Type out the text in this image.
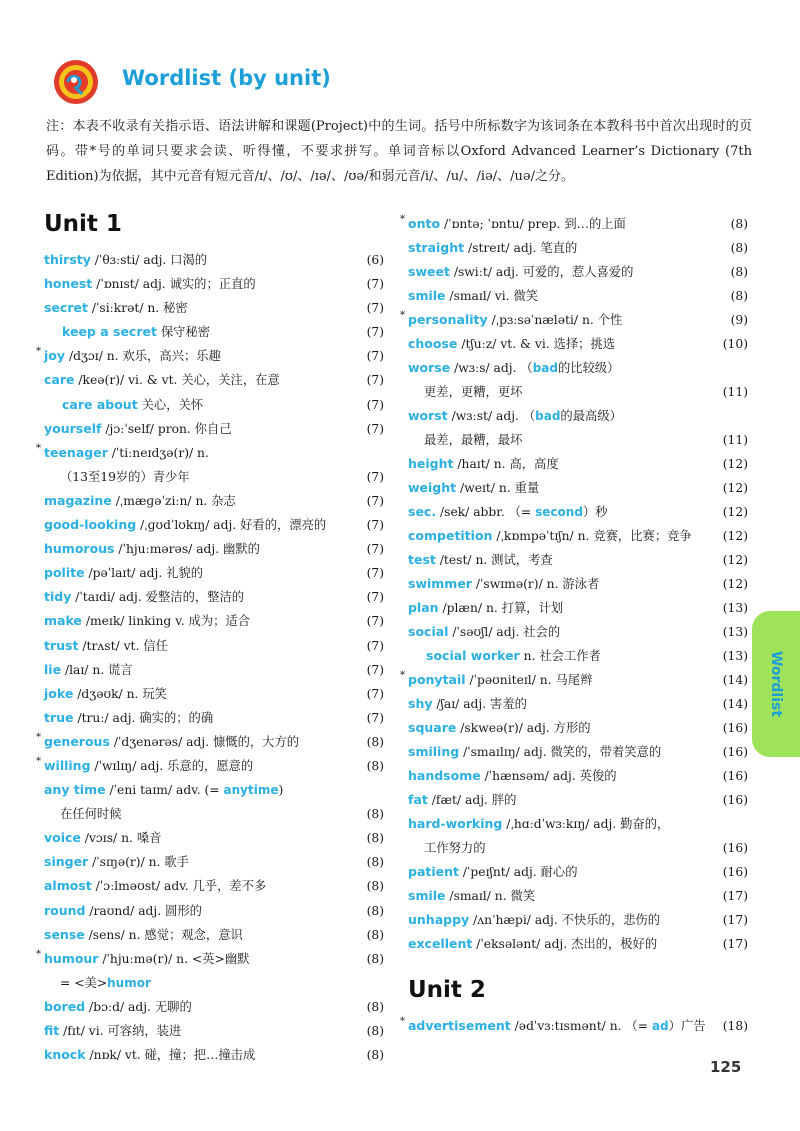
Wordlist (by unit)
注：本表不收录有关指示语、语法讲解和课题(Project)中的生词。括号中所标数字为该词条在本教科书中首次出现时的页码。带*号的单词只要求会读、听得懂，不要求拼写。单词音标以Oxford Advanced Learner’s Dictionary (7th Edition)为依据，其中元音有短元音/ɪ/、/ʊ/、/ɪə/、/ʊə/和弱元音/i/、/u/、/iə/、/uə/之分。
Unit 1
thirsty /ˈθɜːsti/ adj. 口渴的	(6)
honest /ˈɒnɪst/ adj. 诚实的；正直的	(7)
secret /ˈsiːkrət/ n. 秘密	(7)
keep a secret 保守秘密	(7)
* joy /dʒɔɪ/ n. 欢乐，高兴；乐趣	(7)
care /keə(r)/ vi. & vt. 关心，关注，在意	(7)
care about 关心，关怀	(7)
yourself /jɔːˈself/ pron. 你自己	(7)
* teenager /ˈtiːneɪdʒə(r)/ n.
（13至19岁的）青少年	(7)
magazine /ˌmæɡəˈziːn/ n. 杂志	(7)
good-looking /ˌɡʊdˈlʊkɪŋ/ adj. 好看的，漂亮的	(7)
humorous /ˈhjuːmərəs/ adj. 幽默的	(7)
polite /pəˈlaɪt/ adj. 礼貌的	(7)
tidy /ˈtaɪdi/ adj. 爱整洁的，整洁的	(7)
make /meɪk/ linking v. 成为；适合	(7)
trust /trʌst/ vt. 信任	(7)
lie /laɪ/ n. 谎言	(7)
joke /dʒəʊk/ n. 玩笑	(7)
true /truː/ adj. 确实的；的确	(7)
* generous /ˈdʒenərəs/ adj. 慷慨的，大方的	(8)
* willing /ˈwɪlɪŋ/ adj. 乐意的，愿意的	(8)
any time /ˈeni taɪm/ adv. (= anytime)
在任何时候	(8)
voice /vɔɪs/ n. 嗓音	(8)
singer /ˈsɪŋə(r)/ n. 歌手	(8)
almost /ˈɔːlməʊst/ adv. 几乎，差不多	(8)
round /raʊnd/ adj. 圆形的	(8)
sense /sens/ n. 感觉；观念，意识	(8)
* humour /ˈhjuːmə(r)/ n. <英>幽默	(8)
= <美>humor
bored /bɔːd/ adj. 无聊的	(8)
fit /fɪt/ vi. 可容纳，装进	(8)
knock /nɒk/ vt. 碰，撞；把…撞击成	(8)
* onto /ˈɒntə; ˈɒntu/ prep. 到…的上面	(8)
straight /streɪt/ adj. 笔直的	(8)
sweet /swiːt/ adj. 可爱的，惹人喜爱的	(8)
smile /smaɪl/ vi. 微笑	(8)
* personality /ˌpɜːsəˈnæləti/ n. 个性	(9)
choose /tʃuːz/ vt. & vi. 选择；挑选	(10)
worse /wɜːs/ adj. （bad的比较级）
更差，更糟，更坏	(11)
worst /wɜːst/ adj. （bad的最高级）
最差，最糟，最坏	(11)
height /haɪt/ n. 高，高度	(12)
weight /weɪt/ n. 重量	(12)
sec. /sek/ abbr. （= second）秒	(12)
competition /ˌkɒmpəˈtɪʃn/ n. 竞赛，比赛；竞争	(12)
test /test/ n. 测试，考查	(12)
swimmer /ˈswɪmə(r)/ n. 游泳者	(12)
plan /plæn/ n. 打算，计划	(13)
social /ˈsəʊʃl/ adj. 社会的	(13)
social worker n. 社会工作者	(13)
* ponytail /ˈpəʊniteɪl/ n. 马尾辫	(14)
shy /ʃaɪ/ adj. 害羞的	(14)
square /skweə(r)/ adj. 方形的	(16)
smiling /ˈsmaɪlɪŋ/ adj. 微笑的，带着笑意的	(16)
handsome /ˈhænsəm/ adj. 英俊的	(16)
fat /fæt/ adj. 胖的	(16)
hard-working /ˌhɑːdˈwɜːkɪŋ/ adj. 勤奋的，
工作努力的	(16)
patient /ˈpeɪʃnt/ adj. 耐心的	(16)
smile /smaɪl/ n. 微笑	(17)
unhappy /ʌnˈhæpi/ adj. 不快乐的，悲伤的	(17)
excellent /ˈeksələnt/ adj. 杰出的，极好的	(17)
Unit 2
* advertisement /ədˈvɜːtɪsmənt/ n. （= ad）广告	(18)
Wordlist
125
